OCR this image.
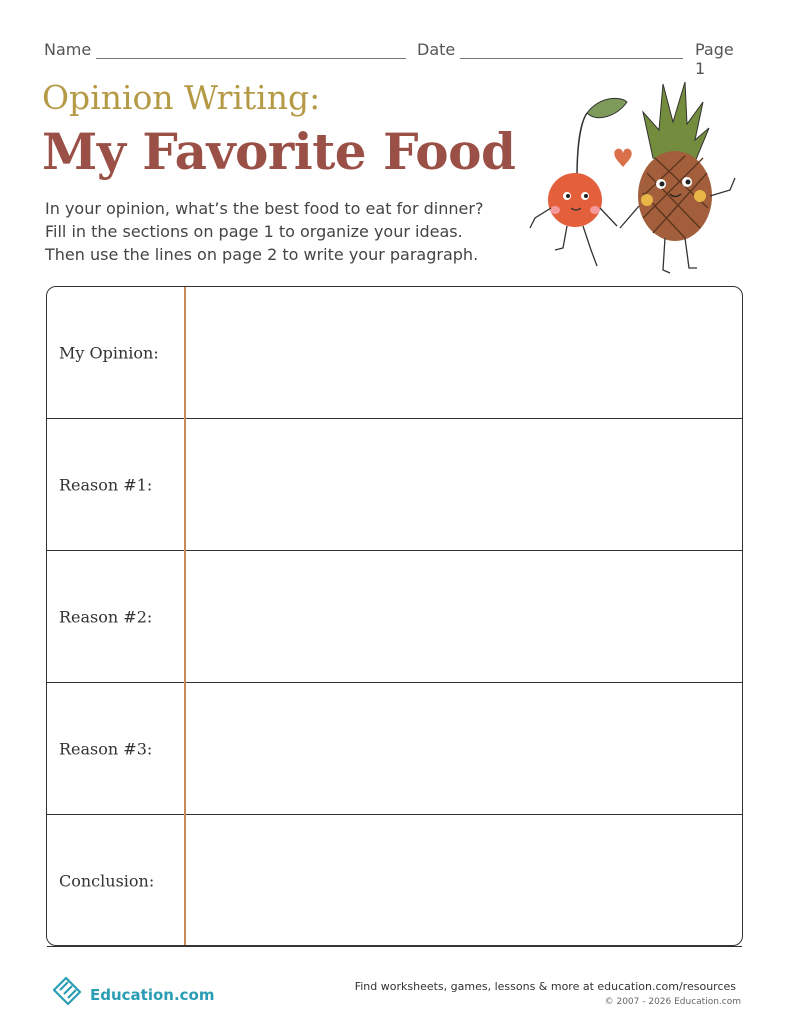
Name	Date	Page 1
Opinion Writing:
My Favorite Food
In your opinion, what’s the best food to eat for dinner?
Fill in the sections on page 1 to organize your ideas.
Then use the lines on page 2 to write your paragraph.
My Opinion:
Reason #1:
Reason #2:
Reason #3:
Conclusion:
Education.com	Find worksheets, games, lessons & more at education.com/resources
© 2007 - 2026 Education.com
